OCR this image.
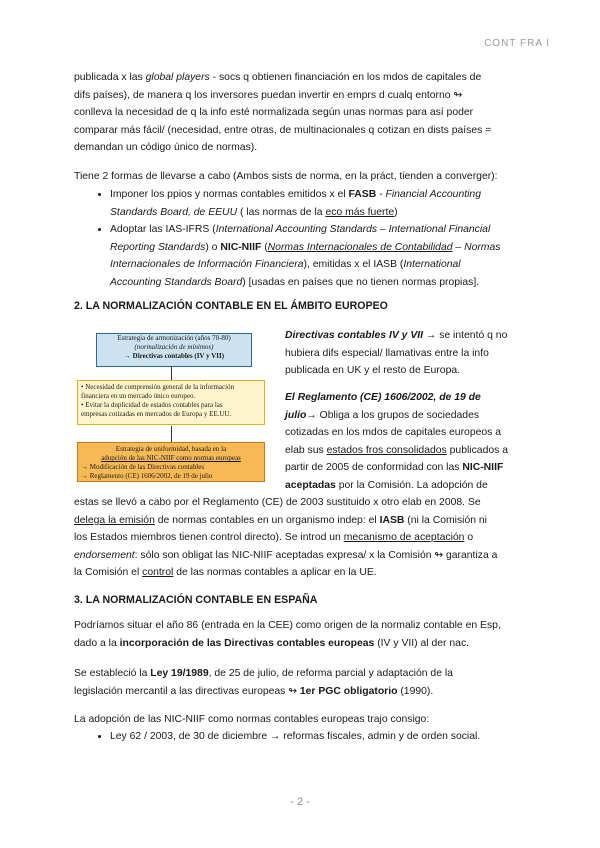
CONT FRA I

publicada x las global players - socs q obtienen financiación en los mdos de capitales de
difs países), de manera q los inversores puedan invertir en emprs d cualq entorno ↬
conlleva la necesidad de q la info esté normalizada según unas normas para así poder
comparar más fácil/ (necesidad, entre otras, de multinacionales q cotizan en dists países =
demandan un código único de normas).

Tiene 2 formas de llevarse a cabo (Ambos sists de norma, en la práct, tienden a converger):

• Imponer los ppios y normas contables emitidos x el FASB - Financial Accounting
Standards Board, de EEUU ( las normas de la eco más fuerte)
• Adoptar las IAS-IFRS (International Accounting Standards – International Financial
Reporting Standards) o NIC-NIIF (Normas Internacionales de Contabilidad – Normas
Internacionales de Información Financiera), emitidas x el IASB (International
Accounting Standards Board) [usadas en países que no tienen normas propias].
2. LA NORMALIZACIÓN CONTABLE EN EL ÁMBITO EUROPEO
Estrategia de armonización (años 70-80)
(normalización de mínimos)
→ Directivas contables (IV y VII)
• Necesidad de comprensión general de la información
financiera en un mercado único europeo.
• Evitar la duplicidad de estados contables para las
empresas cotizadas en mercados de Europa y EE.UU.
Estrategia de uniformidad, basada en la
adopción de las NIC-NIIF como normas europeas
→ Modificación de las Directivas contables
→ Reglamento (CE) 1606/2002, de 19 de julio

Directivas contables IV y VII → se intentó q no
hubiera difs especial/ llamativas entre la info
publicada en UK y el resto de Europa.

El Reglamento (CE) 1606/2002, de 19 de
julio→ Obliga a los grupos de sociedades
cotizadas en los mdos de capitales europeos a
elab sus estados fros consolidados publicados a
partir de 2005 de conformidad con las NIC-NIIF
aceptadas por la Comisión. La adopción de

estas se llevó a cabo por el Reglamento (CE) de 2003 sustituido x otro elab en 2008. Se
delega la emisión de normas contables en un organismo indep: el IASB (ni la Comisión ni
los Estados miembros tienen control directo). Se introd un mecanismo de aceptación o
endorsement: sólo son obligat las NIC-NIIF aceptadas expresa/ x la Comisión ↬ garantiza a
la Comisión el control de las normas contables a aplicar en la UE.

3. LA NORMALIZACIÓN CONTABLE EN ESPAÑA

Podríamos situar el año 86 (entrada en la CEE) como origen de la normaliz contable en Esp,
dado a la incorporación de las Directivas contables europeas (IV y VII) al der nac.

Se estableció la Ley 19/1989, de 25 de julio, de reforma parcial y adaptación de la
legislación mercantil a las directivas europeas ↬ 1er PGC obligatorio (1990).

La adopción de las NIC-NIIF como normas contables europeas trajo consigo:

• Ley 62 / 2003, de 30 de diciembre → reformas fiscales, admin y de orden social.
- 2 -
